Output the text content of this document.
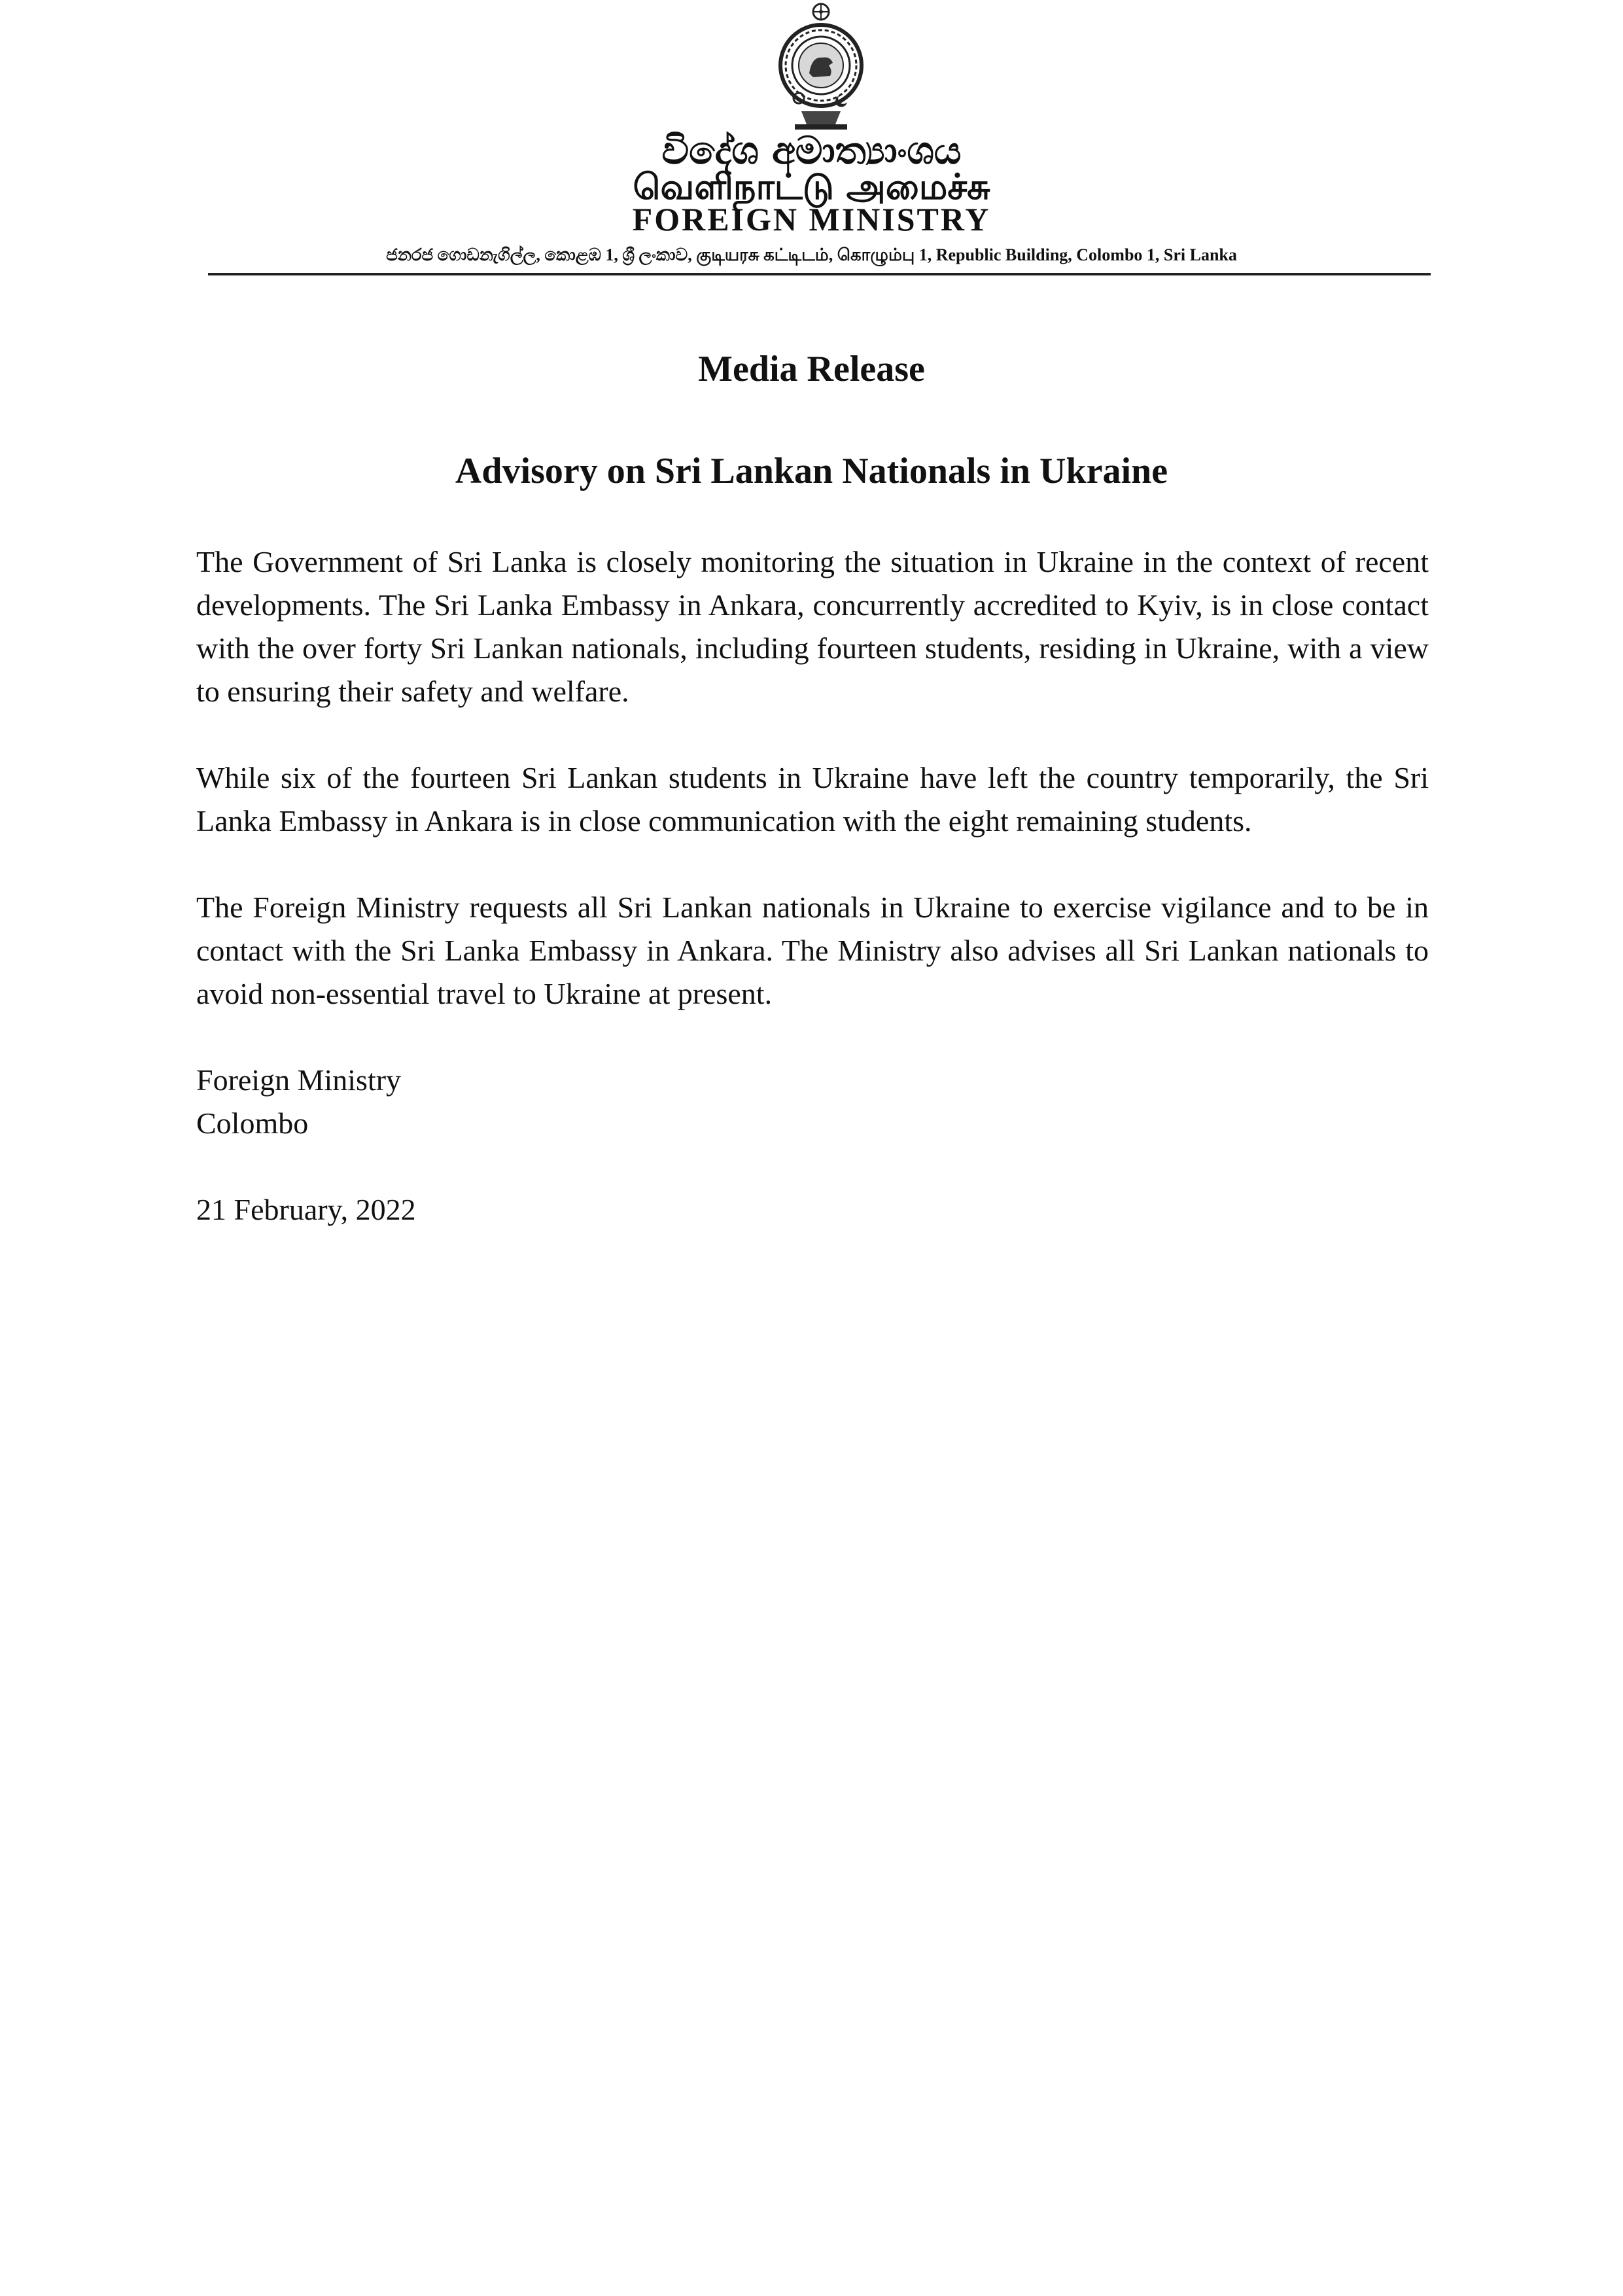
විදේශ අමාත්‍යාංශය
வெளிநாட்டு அமைச்சு
FOREIGN MINISTRY
ජනරජ ගොඩනැගිල්ල, කොළඹ 1, ශ්‍රී ලංකාව, குடியரசு கட்டிடம், கொழும்பு 1, Republic Building, Colombo 1, Sri Lanka
Media Release
Advisory on Sri Lankan Nationals in Ukraine

The Government of Sri Lanka is closely monitoring the situation in Ukraine in the context of recent developments. The Sri Lanka Embassy in Ankara, concurrently accredited to Kyiv, is in close contact with the over forty Sri Lankan nationals, including fourteen students, residing in Ukraine, with a view to ensuring their safety and welfare.

While six of the fourteen Sri Lankan students in Ukraine have left the country temporarily, the Sri Lanka Embassy in Ankara is in close communication with the eight remaining students.

The Foreign Ministry requests all Sri Lankan nationals in Ukraine to exercise vigilance and to be in contact with the Sri Lanka Embassy in Ankara. The Ministry also advises all Sri Lankan nationals to avoid non-essential travel to Ukraine at present.

Foreign Ministry
Colombo
21 February, 2022
